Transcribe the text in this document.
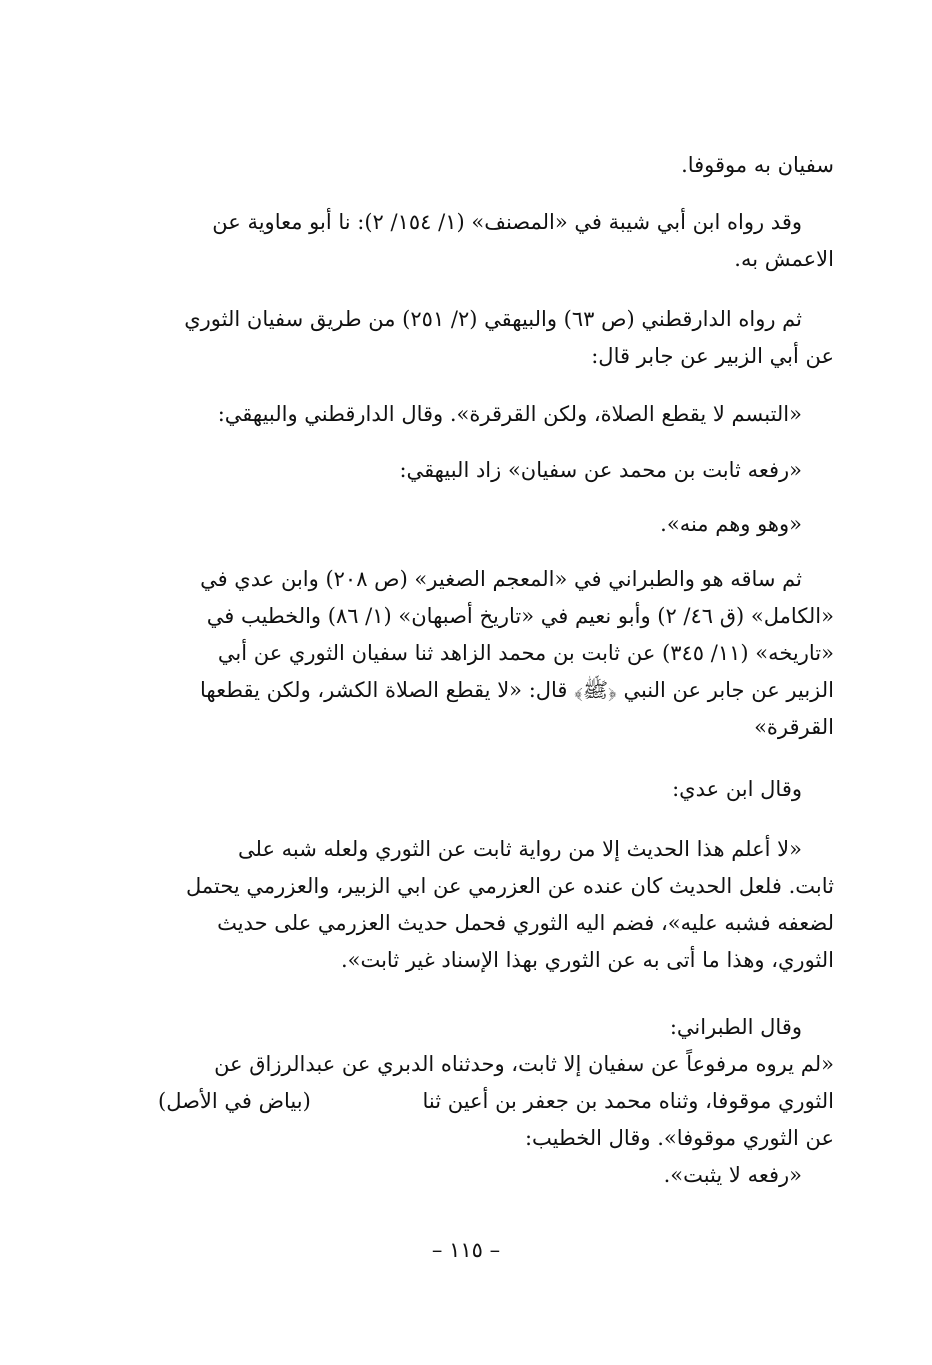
سفيان به موقوفا.
وقد رواه ابن أبي شيبة في «المصنف» (١/ ١٥٤/ ٢): نا أبو معاوية عن
الاعمش به.
ثم رواه الدارقطني (ص ٦٣) والبيهقي (٢/ ٢٥١) من طريق سفيان الثوري
عن أبي الزبير عن جابر قال:
«التبسم لا يقطع الصلاة، ولكن القرقرة». وقال الدارقطني والبيهقي:
«رفعه ثابت بن محمد عن سفيان» زاد البيهقي:
«وهو وهم منه».
ثم ساقه هو والطبراني في «المعجم الصغير» (ص ٢٠٨) وابن عدي في
«الكامل» (ق ٤٦/ ٢) وأبو نعيم في «تاريخ أصبهان» (١/ ٨٦) والخطيب في
«تاريخه» (١١/ ٣٤٥) عن ثابت بن محمد الزاهد ثنا سفيان الثوري عن أبي
الزبير عن جابر عن النبي ﴿ﷺ﴾ قال: «لا يقطع الصلاة الكشر، ولكن يقطعها
القرقرة»
وقال ابن عدي:
«لا أعلم هذا الحديث إلا من رواية ثابت عن الثوري ولعله شبه على
ثابت. فلعل الحديث كان عنده عن العزرمي عن ابي الزبير، والعزرمي يحتمل
لضعفه فشبه عليه»، فضم اليه الثوري فحمل حديث العزرمي على حديث
الثوري، وهذا ما أتى به عن الثوري بهذا الإسناد غير ثابت».
وقال الطبراني:
«لم يروه مرفوعاً عن سفيان إلا ثابت، وحدثناه الدبري عن عبدالرزاق عن
الثوري موقوفا، وثناه محمد بن جعفر بن أعين ثنا
(بياض في الأصل)
عن الثوري موقوفا». وقال الخطيب:
«رفعه لا يثبت».
– ١١٥ –
